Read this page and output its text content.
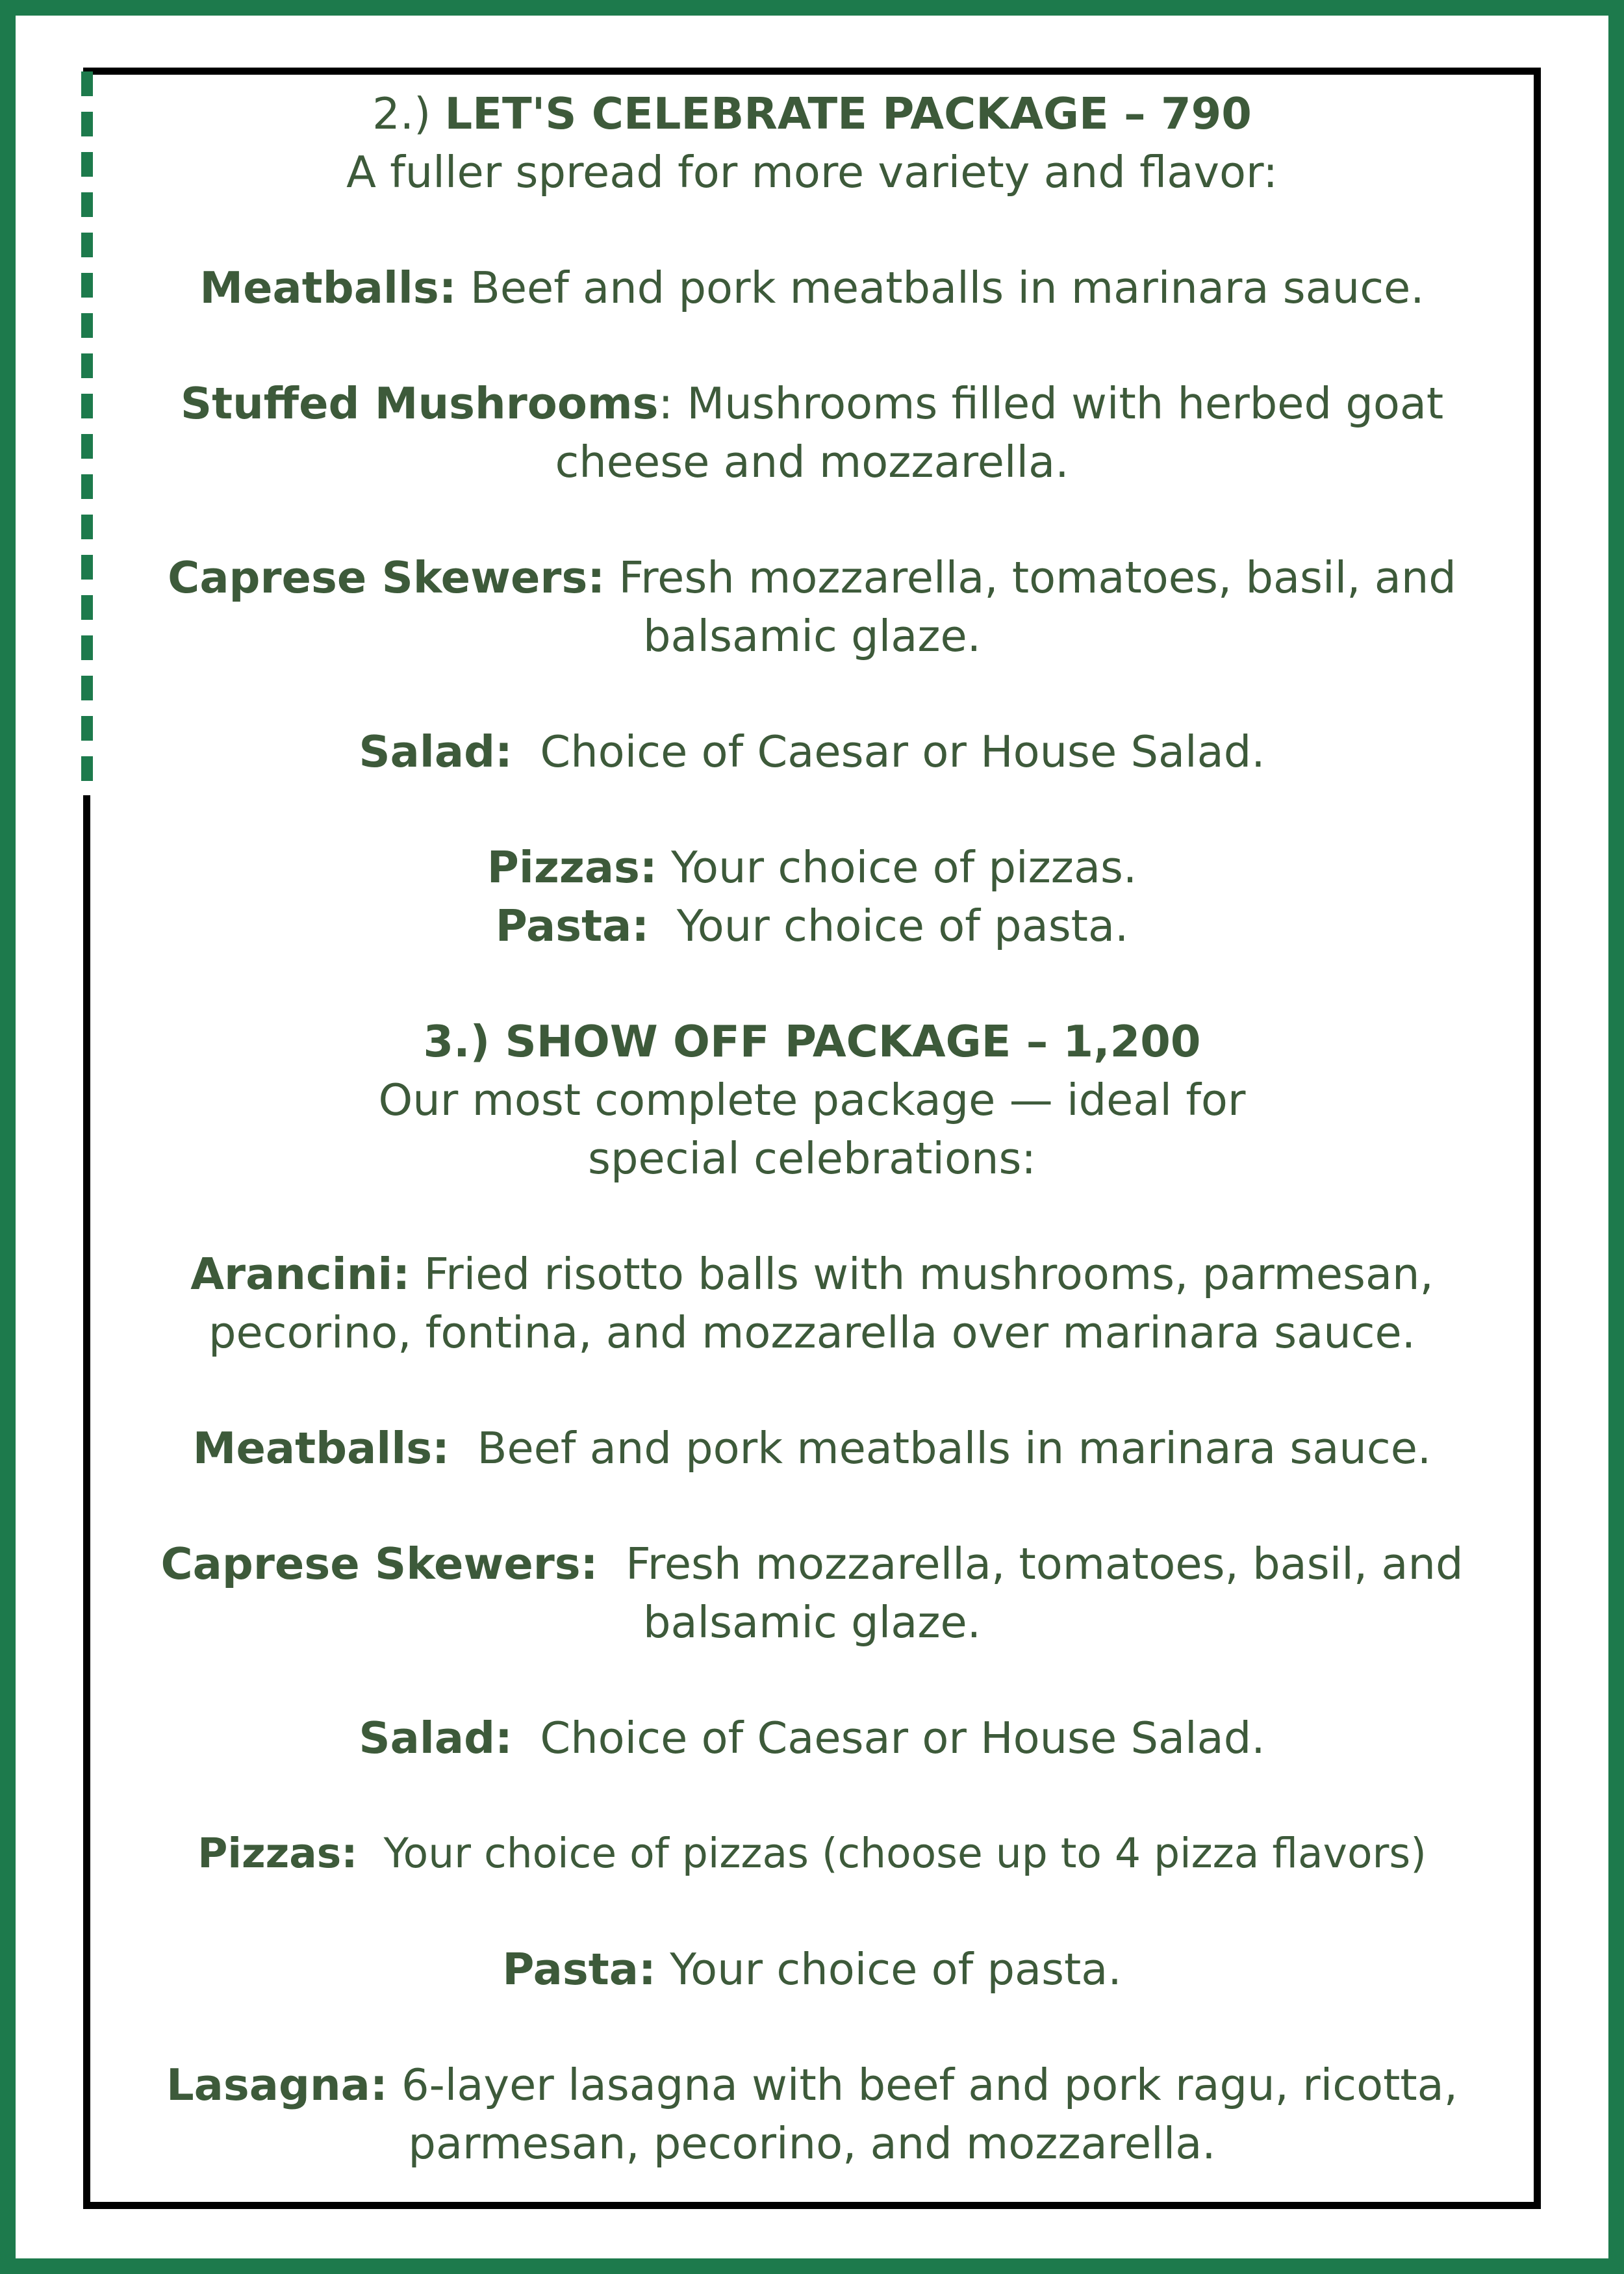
2.) LET'S CELEBRATE PACKAGE – 790

A fuller spread for more variety and flavor:

Meatballs: Beef and pork meatballs in marinara sauce.

Stuffed Mushrooms: Mushrooms filled with herbed goat cheese and mozzarella.

Caprese Skewers: Fresh mozzarella, tomatoes, basil, and balsamic glaze.

Salad:  Choice of Caesar or House Salad.

Pizzas: Your choice of pizzas.

Pasta:  Your choice of pasta.

3.) SHOW OFF PACKAGE – 1,200

Our most complete package — ideal for special celebrations:

Arancini: Fried risotto balls with mushrooms, parmesan, pecorino, fontina, and mozzarella over marinara sauce.

Meatballs:  Beef and pork meatballs in marinara sauce.

Caprese Skewers:  Fresh mozzarella, tomatoes, basil, and balsamic glaze.

Salad:  Choice of Caesar or House Salad.

Pizzas:  Your choice of pizzas (choose up to 4 pizza flavors)

Pasta: Your choice of pasta.

Lasagna: 6-layer lasagna with beef and pork ragu, ricotta, parmesan, pecorino, and mozzarella.
